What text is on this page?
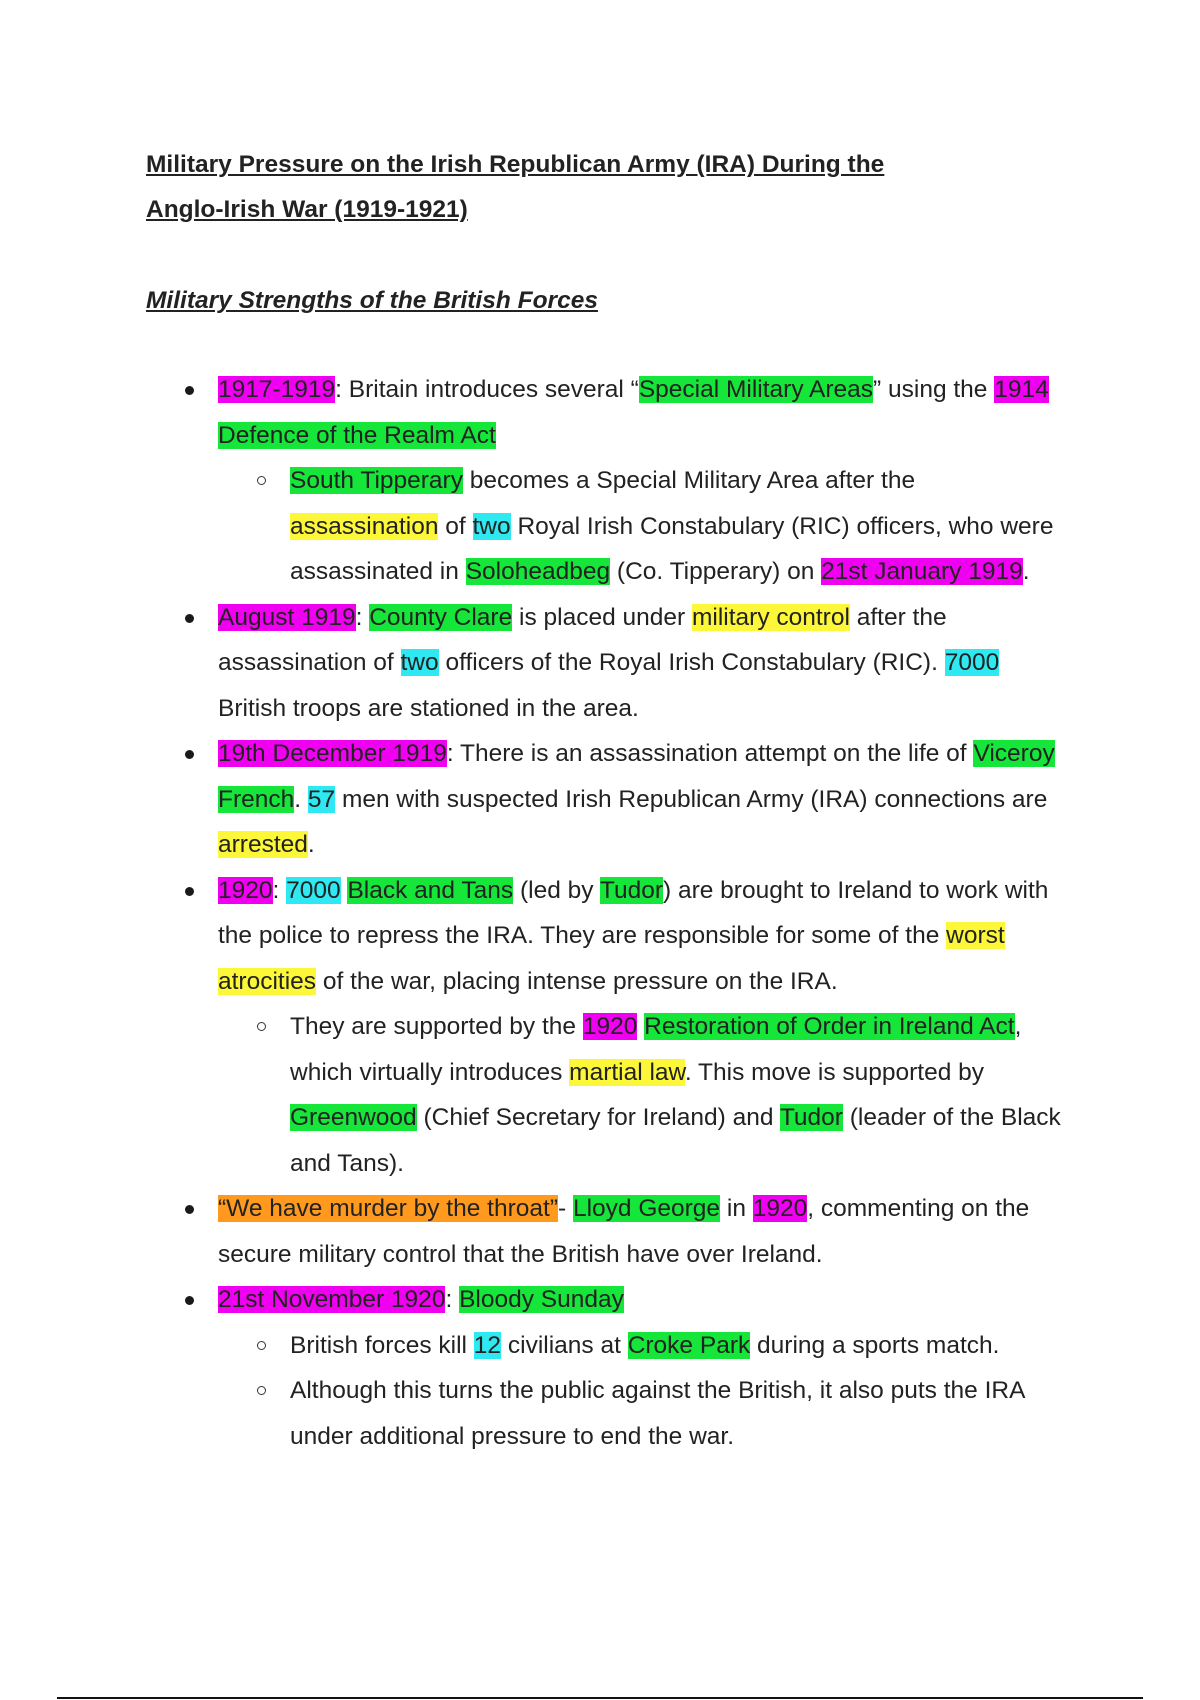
Military Pressure on the Irish Republican Army (IRA) During the
Anglo-Irish War (1919-1921)
Military Strengths of the British Forces
1917-1919: Britain introduces several “Special Military Areas” using the 1914 Defence of the Realm Act
South Tipperary becomes a Special Military Area after the assassination of two Royal Irish Constabulary (RIC) officers, who were assassinated in Soloheadbeg (Co. Tipperary) on 21st January 1919.
August 1919: County Clare is placed under military control after the assassination of two officers of the Royal Irish Constabulary (RIC). 7000 British troops are stationed in the area.
19th December 1919: There is an assassination attempt on the life of Viceroy French. 57 men with suspected Irish Republican Army (IRA) connections are arrested.
1920: 7000 Black and Tans (led by Tudor) are brought to Ireland to work with the police to repress the IRA. They are responsible for some of the worst atrocities of the war, placing intense pressure on the IRA.
They are supported by the 1920 Restoration of Order in Ireland Act, which virtually introduces martial law. This move is supported by Greenwood (Chief Secretary for Ireland) and Tudor (leader of the Black and Tans).
“We have murder by the throat”- Lloyd George in 1920, commenting on the secure military control that the British have over Ireland.
21st November 1920: Bloody Sunday
British forces kill 12 civilians at Croke Park during a sports match.
Although this turns the public against the British, it also puts the IRA under additional pressure to end the war.
